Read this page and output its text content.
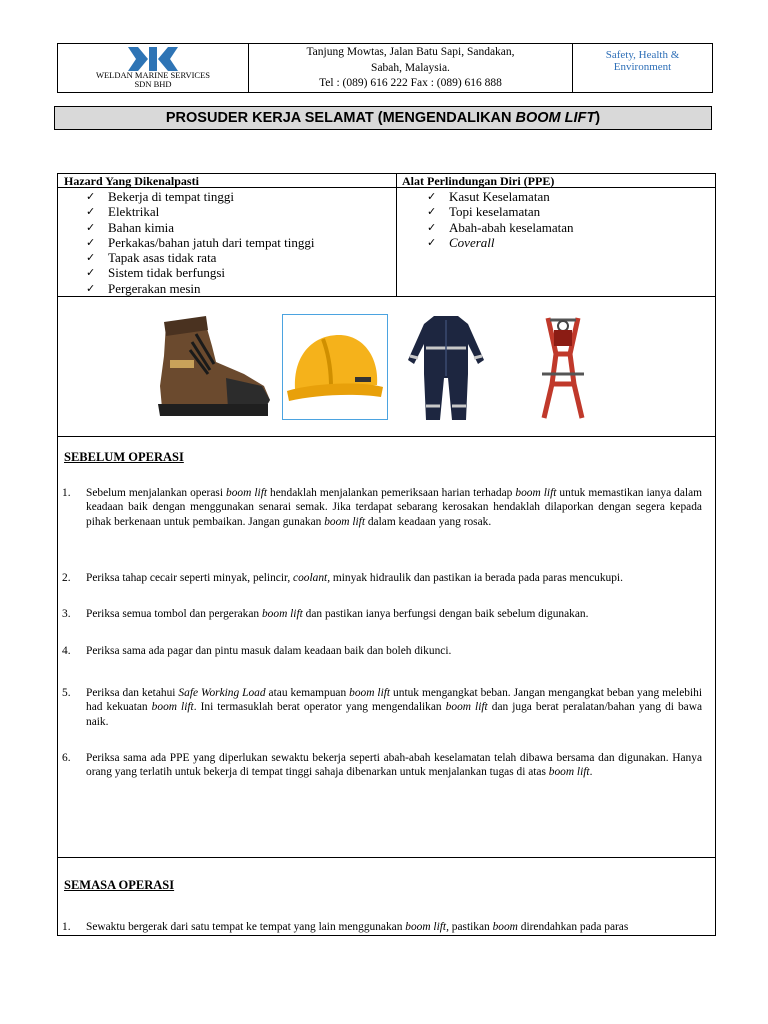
WELDAN MARINE SERVICES
SDN BHD
Tanjung Mowtas, Jalan Batu Sapi, Sandakan,
Sabah, Malaysia.
Tel : (089) 616 222 Fax : (089) 616 888
Safety, Health &
Environment
PROSUDER KERJA SELAMAT (MENGENDALIKAN BOOM LIFT)
Hazard Yang Dikenalpasti
✓ Bekerja di tempat tinggi
✓ Elektrikal
✓ Bahan kimia
✓ Perkakas/bahan jatuh dari tempat tinggi
✓ Tapak asas tidak rata
✓ Sistem tidak berfungsi
✓ Pergerakan mesin
Alat Perlindungan Diri (PPE)
✓ Kasut Keselamatan
✓ Topi keselamatan
✓ Abah-abah keselamatan
✓ Coverall
SEBELUM OPERASI
1. Sebelum menjalankan operasi boom lift hendaklah menjalankan pemeriksaan harian terhadap boom lift untuk memastikan ianya dalam keadaan baik dengan menggunakan senarai semak. Jika terdapat sebarang kerosakan hendaklah dilaporkan dengan segera kepada pihak berkenaan untuk pembaikan. Jangan gunakan boom lift dalam keadaan yang rosak.
2. Periksa tahap cecair seperti minyak, pelincir, coolant, minyak hidraulik dan pastikan ia berada pada paras mencukupi.
3. Periksa semua tombol dan pergerakan boom lift dan pastikan ianya berfungsi dengan baik sebelum digunakan.
4. Periksa sama ada pagar dan pintu masuk dalam keadaan baik dan boleh dikunci.
5. Periksa dan ketahui Safe Working Load atau kemampuan boom lift untuk mengangkat beban. Jangan mengangkat beban yang melebihi had kekuatan boom lift. Ini termasuklah berat operator yang mengendalikan boom lift dan juga berat peralatan/bahan yang di bawa naik.
6. Periksa sama ada PPE yang diperlukan sewaktu bekerja seperti abah-abah keselamatan telah dibawa bersama dan digunakan. Hanya orang yang terlatih untuk bekerja di tempat tinggi sahaja dibenarkan untuk menjalankan tugas di atas boom lift.
SEMASA OPERASI
1. Sewaktu bergerak dari satu tempat ke tempat yang lain menggunakan boom lift, pastikan boom direndahkan pada paras
